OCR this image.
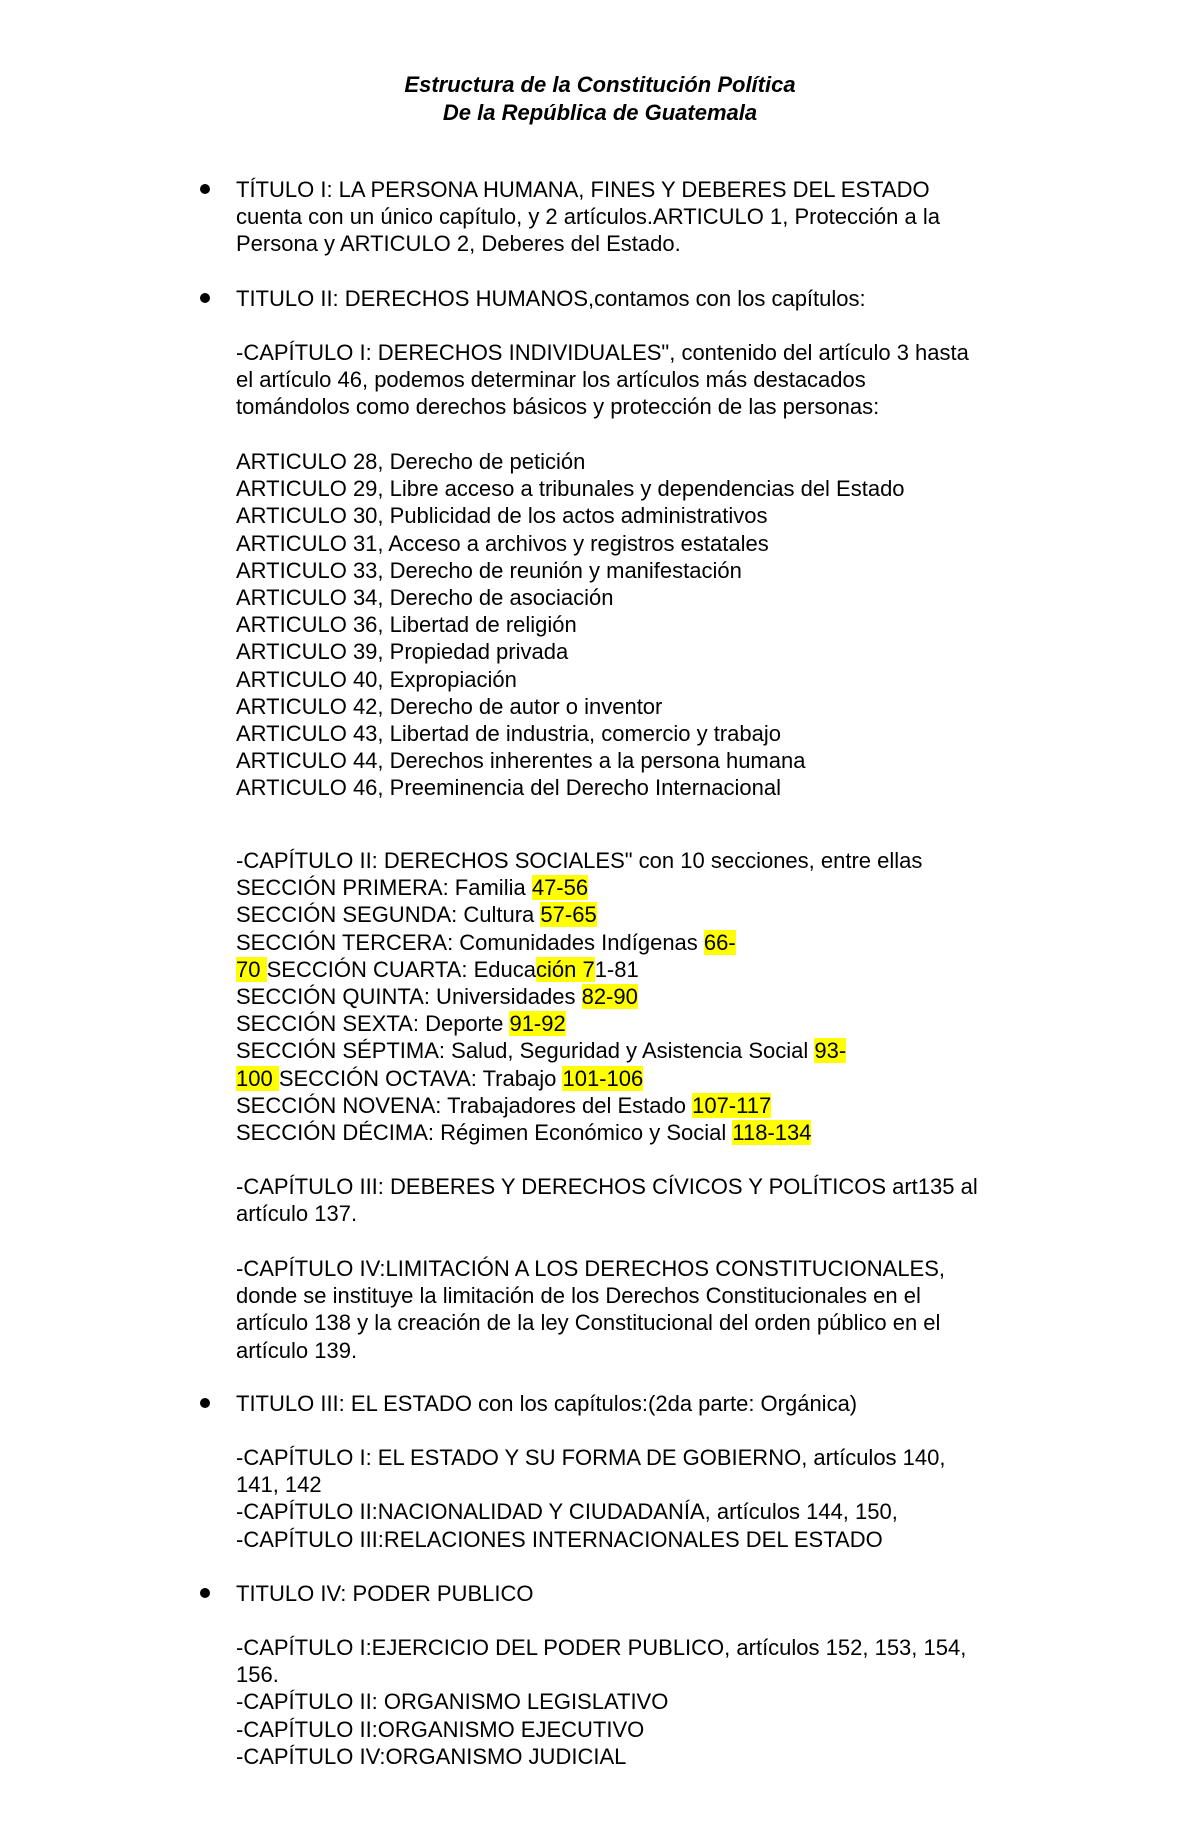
Estructura de la Constitución Política
De la República de Guatemala
TÍTULO I: LA PERSONA HUMANA, FINES Y DEBERES DEL ESTADO
cuenta con un único capítulo, y 2 artículos.ARTICULO 1, Protección a la
Persona y ARTICULO 2, Deberes del Estado.
TITULO II: DERECHOS HUMANOS,contamos con los capítulos:
-CAPÍTULO I: DERECHOS INDIVIDUALES", contenido del artículo 3 hasta
el artículo 46, podemos determinar los artículos más destacados
tomándolos como derechos básicos y protección de las personas:
ARTICULO 28, Derecho de petición
ARTICULO 29, Libre acceso a tribunales y dependencias del Estado
ARTICULO 30, Publicidad de los actos administrativos
ARTICULO 31, Acceso a archivos y registros estatales
ARTICULO 33, Derecho de reunión y manifestación
ARTICULO 34, Derecho de asociación
ARTICULO 36, Libertad de religión
ARTICULO 39, Propiedad privada
ARTICULO 40, Expropiación
ARTICULO 42, Derecho de autor o inventor
ARTICULO 43, Libertad de industria, comercio y trabajo
ARTICULO 44, Derechos inherentes a la persona humana
ARTICULO 46, Preeminencia del Derecho Internacional
-CAPÍTULO II: DERECHOS SOCIALES" con 10 secciones, entre ellas
SECCIÓN PRIMERA: Familia 47-56
SECCIÓN SEGUNDA: Cultura 57-65
SECCIÓN TERCERA: Comunidades Indígenas 66-
70 SECCIÓN CUARTA: Educación 71-81
SECCIÓN QUINTA: Universidades 82-90
SECCIÓN SEXTA: Deporte 91-92
SECCIÓN SÉPTIMA: Salud, Seguridad y Asistencia Social 93-
100 SECCIÓN OCTAVA: Trabajo 101-106
SECCIÓN NOVENA: Trabajadores del Estado 107-117
SECCIÓN DÉCIMA: Régimen Económico y Social 118-134
-CAPÍTULO III: DEBERES Y DERECHOS CÍVICOS Y POLÍTICOS art135 al
artículo 137.
-CAPÍTULO IV:LIMITACIÓN A LOS DERECHOS CONSTITUCIONALES,
donde se instituye la limitación de los Derechos Constitucionales en el
artículo 138 y la creación de la ley Constitucional del orden público en el
artículo 139.
TITULO III: EL ESTADO con los capítulos:(2da parte: Orgánica)
-CAPÍTULO I: EL ESTADO Y SU FORMA DE GOBIERNO, artículos 140,
141, 142
-CAPÍTULO II:NACIONALIDAD Y CIUDADANÍA, artículos 144, 150,
-CAPÍTULO III:RELACIONES INTERNACIONALES DEL ESTADO
TITULO IV: PODER PUBLICO
-CAPÍTULO I:EJERCICIO DEL PODER PUBLICO, artículos 152, 153, 154,
156.
-CAPÍTULO II: ORGANISMO LEGISLATIVO
-CAPÍTULO II:ORGANISMO EJECUTIVO
-CAPÍTULO IV:ORGANISMO JUDICIAL
